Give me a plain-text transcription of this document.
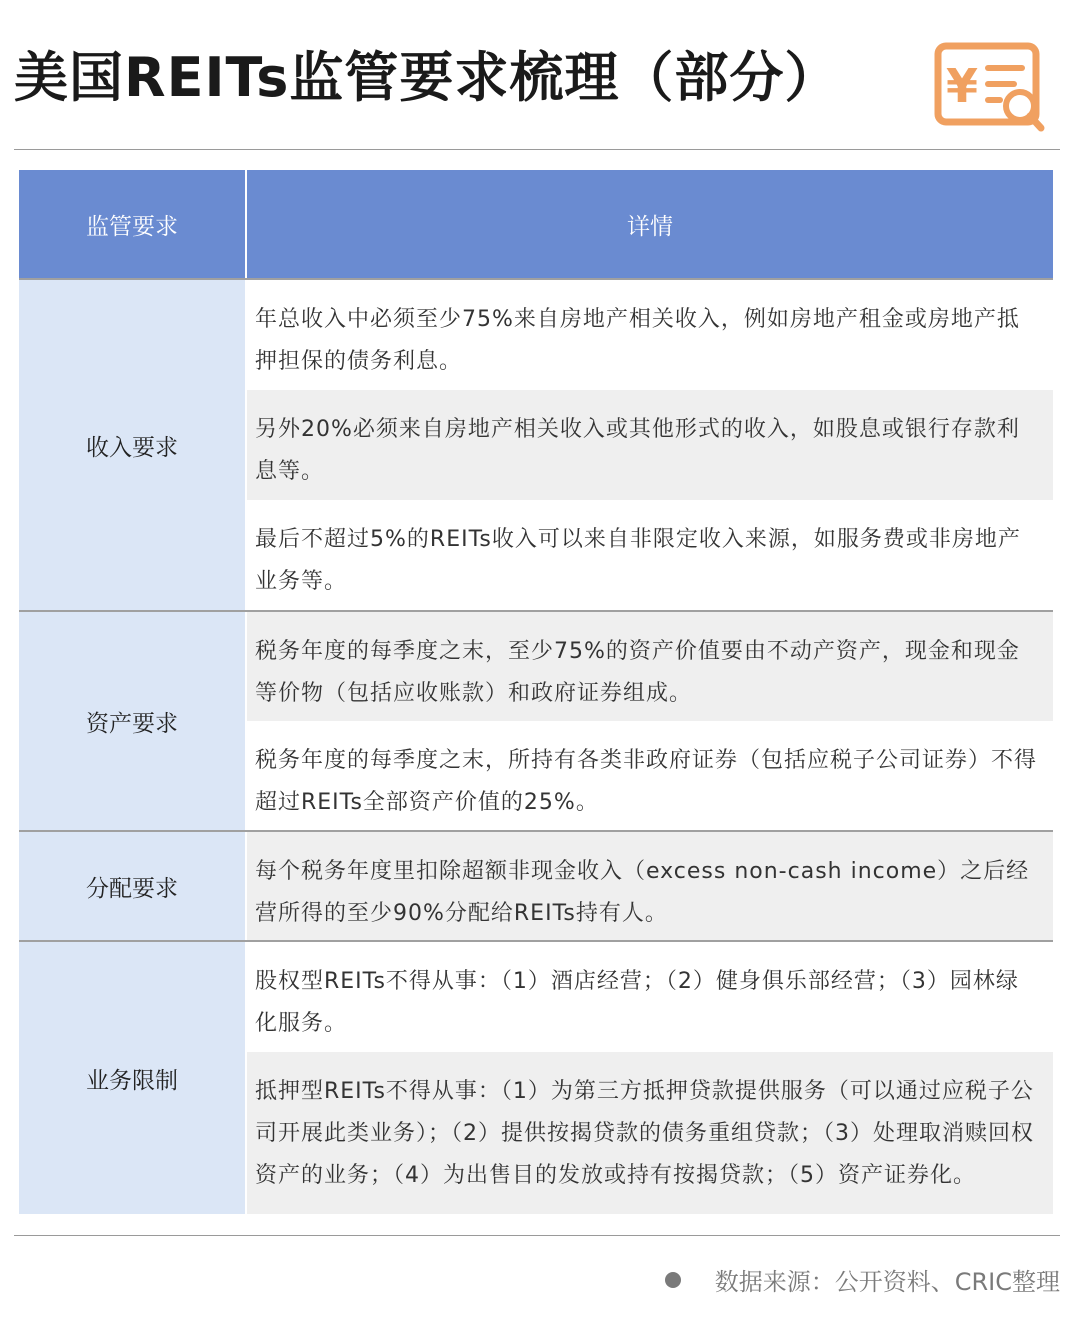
美国REITs监管要求梳理（部分） ¥
监管要求	详情
收入要求
年总收入中必须至少75%来自房地产相关收入，例如房地产租金或房地产抵押担保的债务利息。
另外20%必须来自房地产相关收入或其他形式的收入，如股息或银行存款利息等。
最后不超过5%的REITs收入可以来自非限定收入来源，如服务费或非房地产业务等。
资产要求
税务年度的每季度之末，至少75%的资产价值要由不动产资产，现金和现金等价物（包括应收账款）和政府证券组成。
税务年度的每季度之末，所持有各类非政府证券（包括应税子公司证券）不得超过REITs全部资产价值的25%。
分配要求
每个税务年度里扣除超额非现金收入（excess non-cash income）之后经营所得的至少90%分配给REITs持有人。
业务限制
股权型REITs不得从事：（1）酒店经营；（2）健身俱乐部经营；（3）园林绿化服务。
抵押型REITs不得从事：（1）为第三方抵押贷款提供服务（可以通过应税子公司开展此类业务）；（2）提供按揭贷款的债务重组贷款；（3）处理取消赎回权资产的业务；（4）为出售目的发放或持有按揭贷款；（5）资产证券化。
数据来源：公开资料、CRIC整理
